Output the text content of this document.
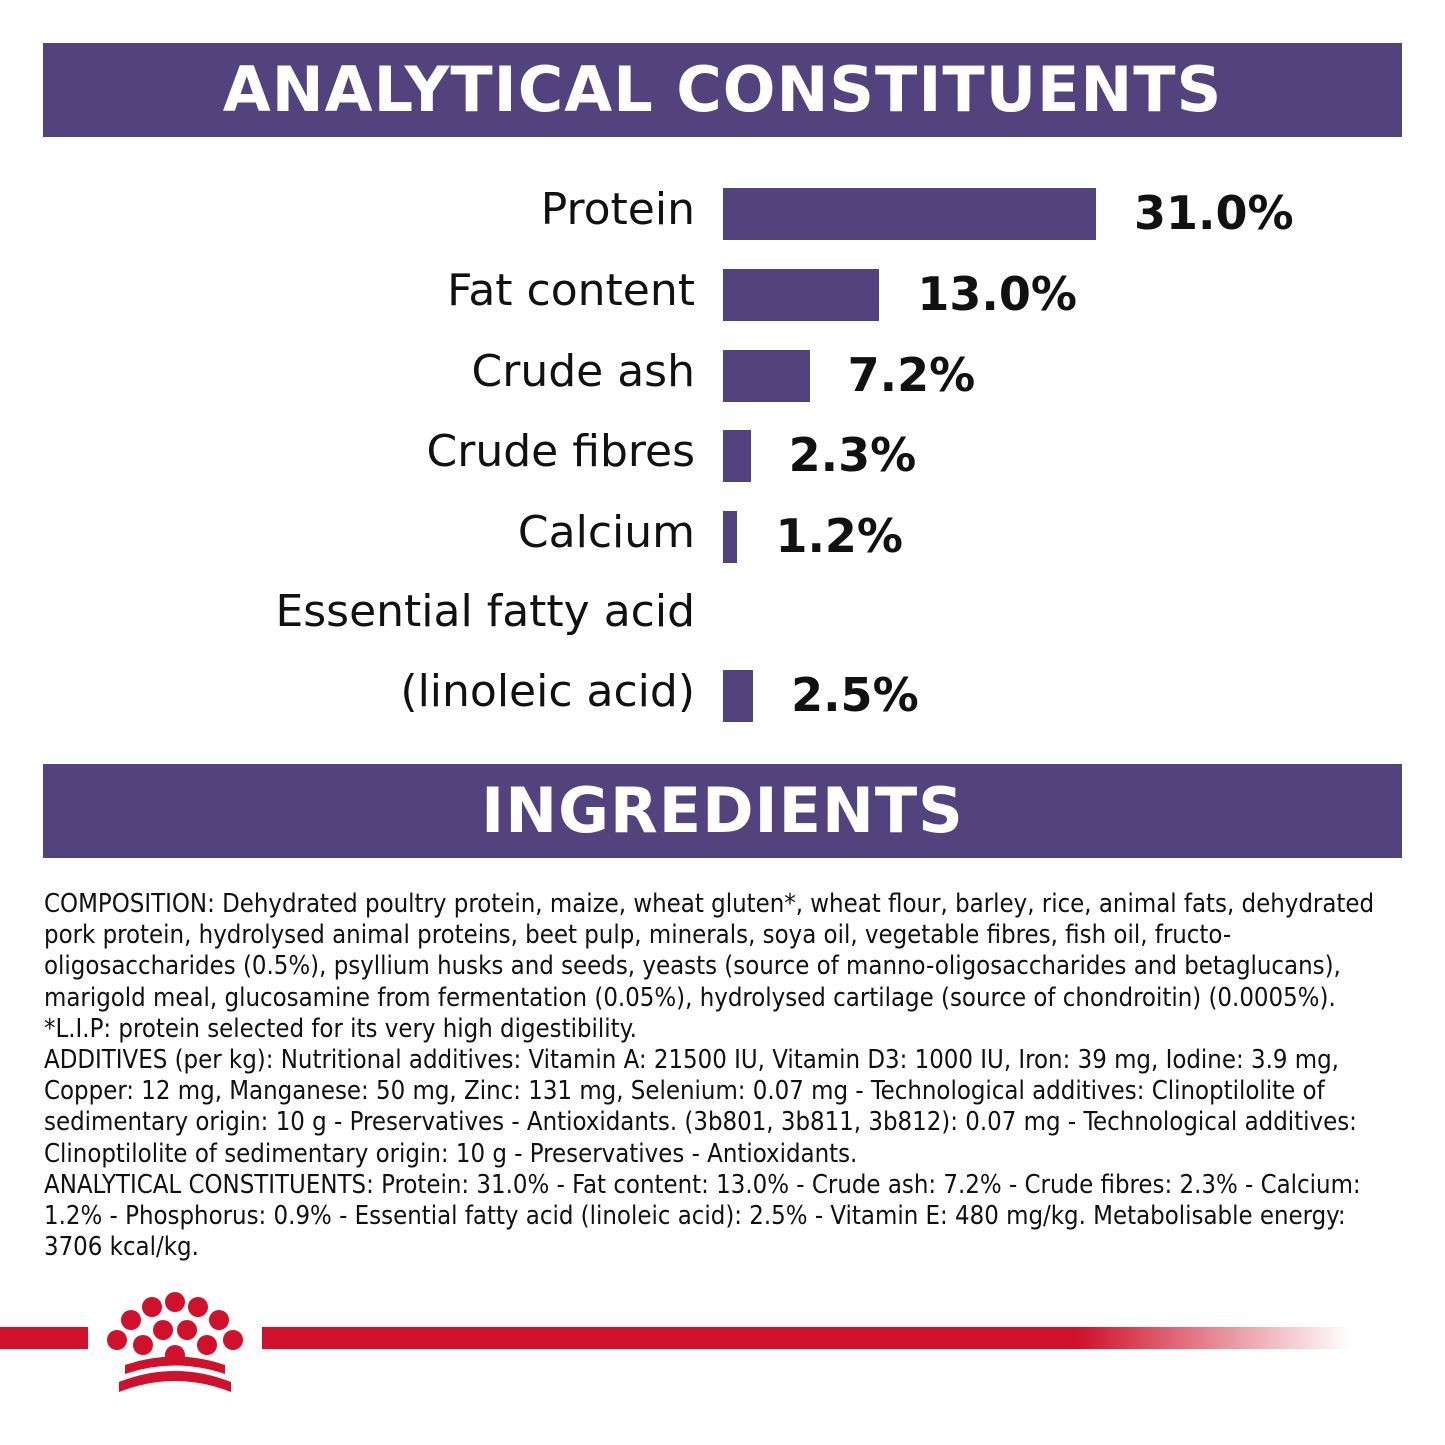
ANALYTICAL CONSTITUENTS
Protein	31.0%
Fat content	13.0%
Crude ash	7.2%
Crude fibres 2.3%
Calcium 1.2%
Essential fatty acid
(linoleic acid) 2.5%
INGREDIENTS

COMPOSITION: Dehydrated poultry protein, maize, wheat gluten*, wheat flour, barley, rice, animal fats, dehydrated pork protein, hydrolysed animal proteins, beet pulp, minerals, soya oil, vegetable fibres, fish oil, fructo-oligosaccharides (0.5%), psyllium husks and seeds, yeasts (source of manno-oligosaccharides and betaglucans), marigold meal, glucosamine from fermentation (0.05%), hydrolysed cartilage (source of chondroitin) (0.0005%). *L.I.P: protein selected for its very high digestibility.

ADDITIVES (per kg): Nutritional additives: Vitamin A: 21500 IU, Vitamin D3: 1000 IU, Iron: 39 mg, Iodine: 3.9 mg, Copper: 12 mg, Manganese: 50 mg, Zinc: 131 mg, Selenium: 0.07 mg - Technological additives: Clinoptilolite of sedimentary origin: 10 g - Preservatives - Antioxidants. (3b801, 3b811, 3b812): 0.07 mg - Technological additives: Clinoptilolite of sedimentary origin: 10 g - Preservatives - Antioxidants.

ANALYTICAL CONSTITUENTS: Protein: 31.0% - Fat content: 13.0% - Crude ash: 7.2% - Crude fibres: 2.3% - Calcium: 1.2% - Phosphorus: 0.9% - Essential fatty acid (linoleic acid): 2.5% - Vitamin E: 480 mg/kg. Metabolisable energy: 3706 kcal/kg.
